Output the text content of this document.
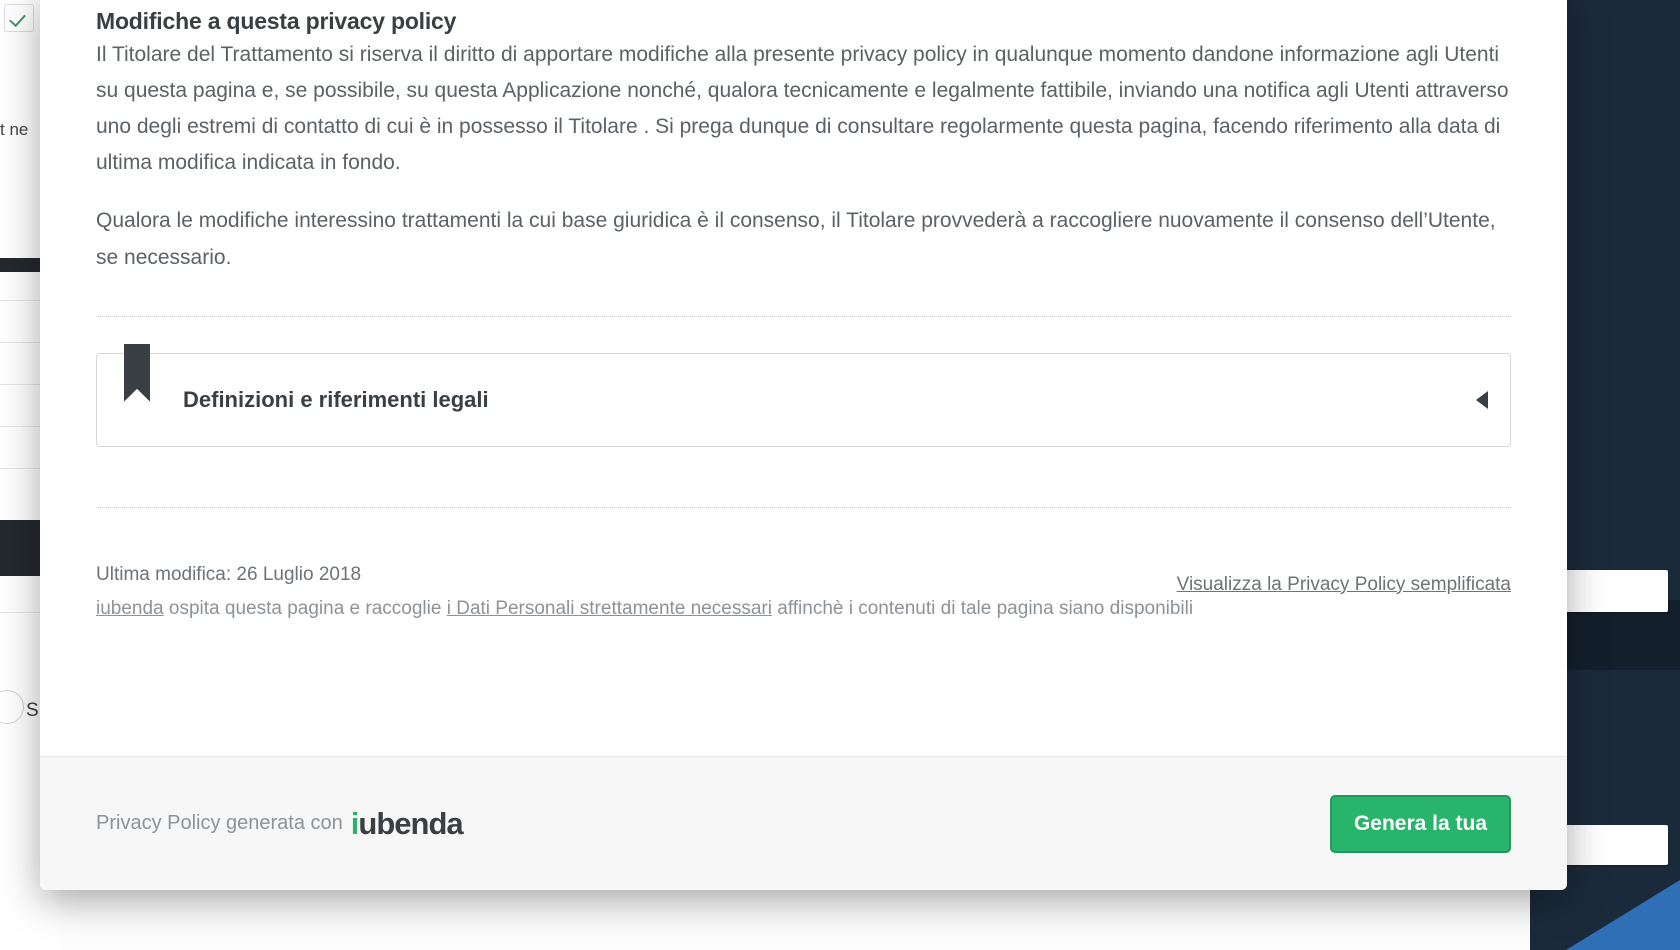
t ne
S
Modifiche a questa privacy policy

Il Titolare del Trattamento si riserva il diritto di apportare modifiche alla presente privacy policy in qualunque momento dandone informazione agli Utenti su questa pagina e, se possibile, su questa Applicazione nonché, qualora tecnicamente e legalmente fattibile, inviando una notifica agli Utenti attraverso uno degli estremi di contatto di cui è in possesso il Titolare . Si prega dunque di consultare regolarmente questa pagina, facendo riferimento alla data di ultima modifica indicata in fondo.

Qualora le modifiche interessino trattamenti la cui base giuridica è il consenso, il Titolare provvederà a raccogliere nuovamente il consenso dell’Utente, se necessario.

Definizioni e riferimenti legali
Ultima modifica: 26 Luglio 2018	Visualizza la Privacy Policy semplificata
iubenda ospita questa pagina e raccoglie i Dati Personali strettamente necessari affinchè i contenuti di tale pagina siano disponibili
Privacy Policy generata con i ubenda	Genera la tua
